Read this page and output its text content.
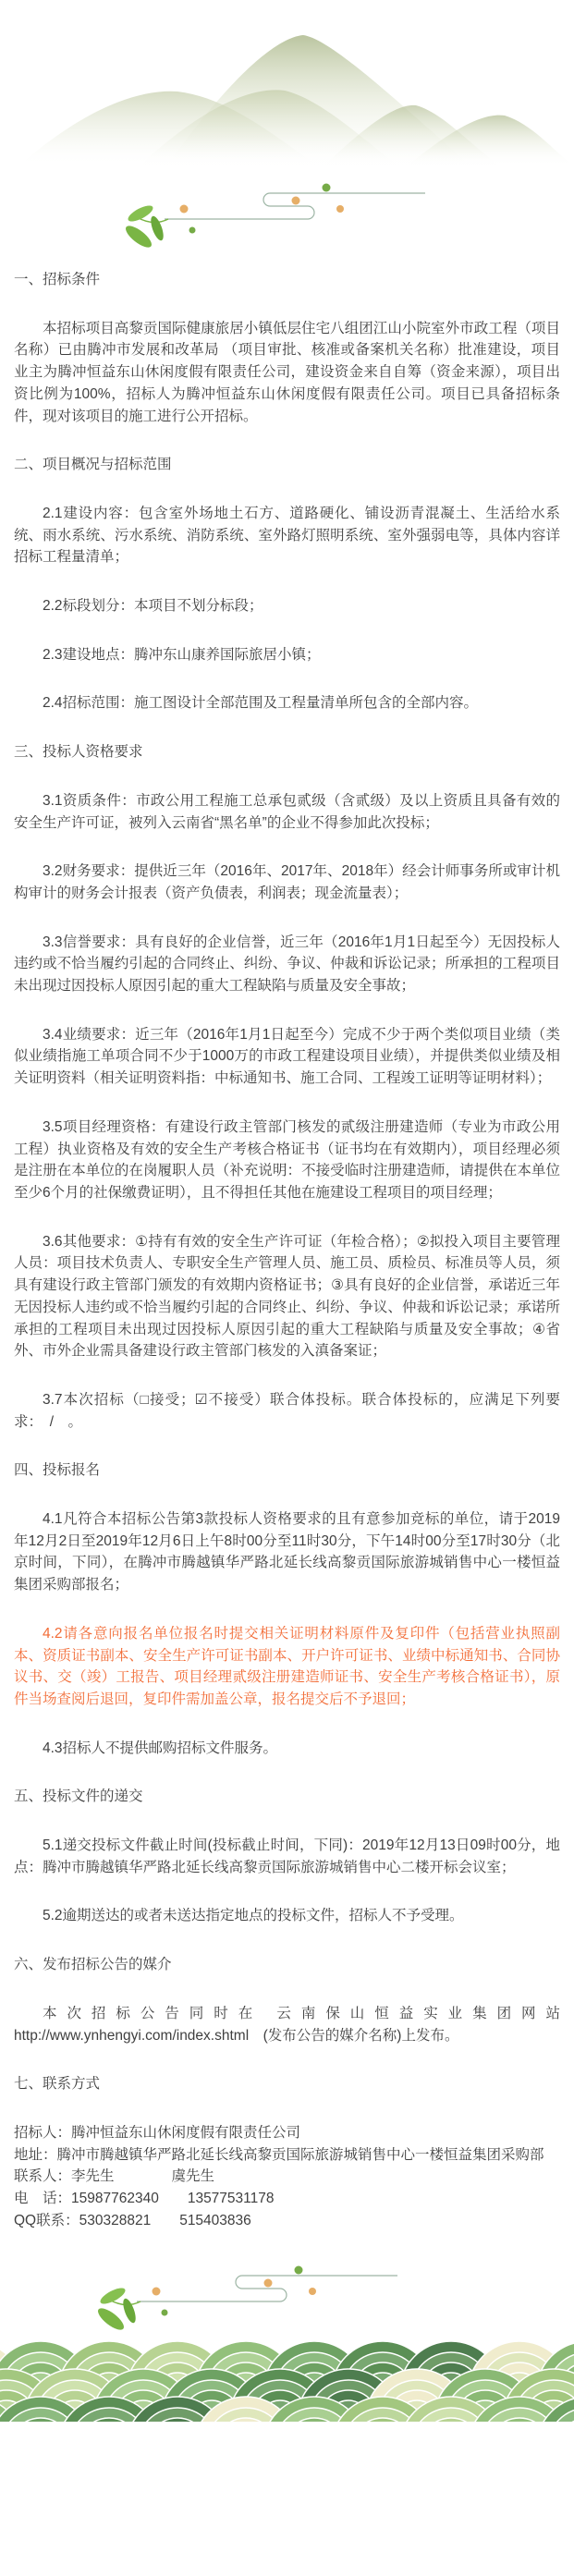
一、招标条件

本招标项目高黎贡国际健康旅居小镇低层住宅八组团江山小院室外市政工程（项目名称）已由腾冲市发展和改革局 （项目审批、核准或备案机关名称）批准建设，项目业主为腾冲恒益东山休闲度假有限责任公司，建设资金来自自筹（资金来源），项目出资比例为100%，招标人为腾冲恒益东山休闲度假有限责任公司。项目已具备招标条件，现对该项目的施工进行公开招标。

二、项目概况与招标范围

2.1建设内容：包含室外场地土石方、道路硬化、铺设沥青混凝土、生活给水系统、雨水系统、污水系统、消防系统、室外路灯照明系统、室外强弱电等，具体内容详招标工程量清单；

2.2标段划分：本项目不划分标段；

2.3建设地点：腾冲东山康养国际旅居小镇；

2.4招标范围：施工图设计全部范围及工程量清单所包含的全部内容。

三、投标人资格要求

3.1资质条件：市政公用工程施工总承包贰级（含贰级）及以上资质且具备有效的安全生产许可证，被列入云南省“黑名单”的企业不得参加此次投标；

3.2财务要求：提供近三年（2016年、2017年、2018年）经会计师事务所或审计机构审计的财务会计报表（资产负债表，利润表；现金流量表）；

3.3信誉要求：具有良好的企业信誉，近三年（2016年1月1日起至今）无因投标人违约或不恰当履约引起的合同终止、纠纷、争议、仲裁和诉讼记录；所承担的工程项目未出现过因投标人原因引起的重大工程缺陷与质量及安全事故；

3.4业绩要求：近三年（2016年1月1日起至今）完成不少于两个类似项目业绩（类似业绩指施工单项合同不少于1000万的市政工程建设项目业绩），并提供类似业绩及相关证明资料（相关证明资料指：中标通知书、施工合同、工程竣工证明等证明材料）；

3.5项目经理资格：有建设行政主管部门核发的贰级注册建造师（专业为市政公用工程）执业资格及有效的安全生产考核合格证书（证书均在有效期内），项目经理必须是注册在本单位的在岗履职人员（补充说明：不接受临时注册建造师，请提供在本单位至少6个月的社保缴费证明），且不得担任其他在施建设工程项目的项目经理；

3.6其他要求：①持有有效的安全生产许可证（年检合格）；②拟投入项目主要管理人员：项目技术负责人、专职安全生产管理人员、施工员、质检员、标准员等人员，须具有建设行政主管部门颁发的有效期内资格证书；③具有良好的企业信誉，承诺近三年无因投标人违约或不恰当履约引起的合同终止、纠纷、争议、仲裁和诉讼记录；承诺所承担的工程项目未出现过因投标人原因引起的重大工程缺陷与质量及安全事故；④省外、市外企业需具备建设行政主管部门核发的入滇备案证；

3.7本次招标（□接受；☑不接受）联合体投标。联合体投标的，应满足下列要求：　/　。

四、投标报名

4.1凡符合本招标公告第3款投标人资格要求的且有意参加竞标的单位，请于2019年12月2日至2019年12月6日上午8时00分至11时30分，下午14时00分至17时30分（北京时间，下同），在腾冲市腾越镇华严路北延长线高黎贡国际旅游城销售中心一楼恒益集团采购部报名；

4.2请各意向报名单位报名时提交相关证明材料原件及复印件（包括营业执照副本、资质证书副本、安全生产许可证书副本、开户许可证书、业绩中标通知书、合同协议书、交（竣）工报告、项目经理贰级注册建造师证书、安全生产考核合格证书），原件当场查阅后退回，复印件需加盖公章，报名提交后不予退回；

4.3招标人不提供邮购招标文件服务。

五、投标文件的递交

5.1递交投标文件截止时间(投标截止时间，下同)：2019年12月13日09时00分，地点：腾冲市腾越镇华严路北延长线高黎贡国际旅游城销售中心二楼开标会议室；

5.2逾期送达的或者未送达指定地点的投标文件，招标人不予受理。

六、发布招标公告的媒介

本次招标公告同时在 云南保山恒益实业集团网站 http://www.ynhengyi.com/index.shtml　(发布公告的媒介名称)上发布。

七、联系方式

招标人：腾冲恒益东山休闲度假有限责任公司

地址：腾冲市腾越镇华严路北延长线高黎贡国际旅游城销售中心一楼恒益集团采购部

联系人：李先生　　　　虞先生

电　话：15987762340　　13577531178

QQ联系：530328821　　515403836
